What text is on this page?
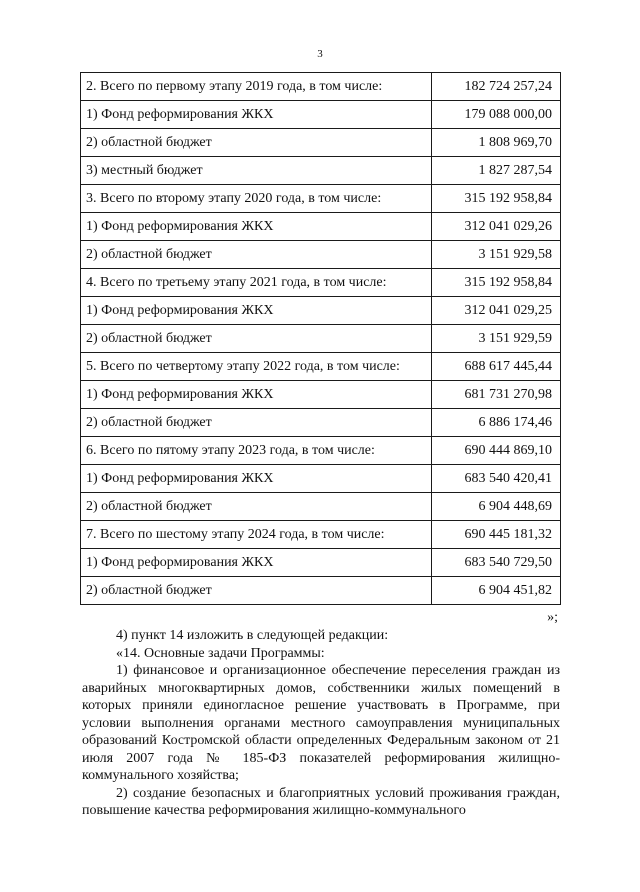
3
2. Всего по первому этапу 2019 года, в том числе:	182 724 257,24
1) Фонд реформирования ЖКХ	179 088 000,00
2) областной бюджет	1 808 969,70
3) местный бюджет	1 827 287,54
3. Всего по второму этапу 2020 года, в том числе:	315 192 958,84
1) Фонд реформирования ЖКХ	312 041 029,26
2) областной бюджет	3 151 929,58
4. Всего по третьему этапу 2021 года, в том числе:	315 192 958,84
1) Фонд реформирования ЖКХ	312 041 029,25
2) областной бюджет	3 151 929,59
5. Всего по четвертому этапу 2022 года, в том числе:	688 617 445,44
1) Фонд реформирования ЖКХ	681 731 270,98
2) областной бюджет	6 886 174,46
6. Всего по пятому этапу 2023 года, в том числе:	690 444 869,10
1) Фонд реформирования ЖКХ	683 540 420,41
2) областной бюджет	6 904 448,69
7. Всего по шестому этапу 2024 года, в том числе:	690 445 181,32
1) Фонд реформирования ЖКХ	683 540 729,50
2) областной бюджет	6 904 451,82
»;

4) пункт 14 изложить в следующей редакции:

«14. Основные задачи Программы:

1) финансовое и организационное обеспечение переселения граждан из аварийных многоквартирных домов, собственники жилых помещений в которых приняли единогласное решение участвовать в Программе, при условии выполнения органами местного самоуправления муниципальных образований Костромской области определенных Федеральным законом от 21 июля 2007 года № 185-ФЗ показателей реформирования жилищно-коммунального хозяйства;

2) создание безопасных и благоприятных условий проживания граждан, повышение качества реформирования жилищно-коммунального
